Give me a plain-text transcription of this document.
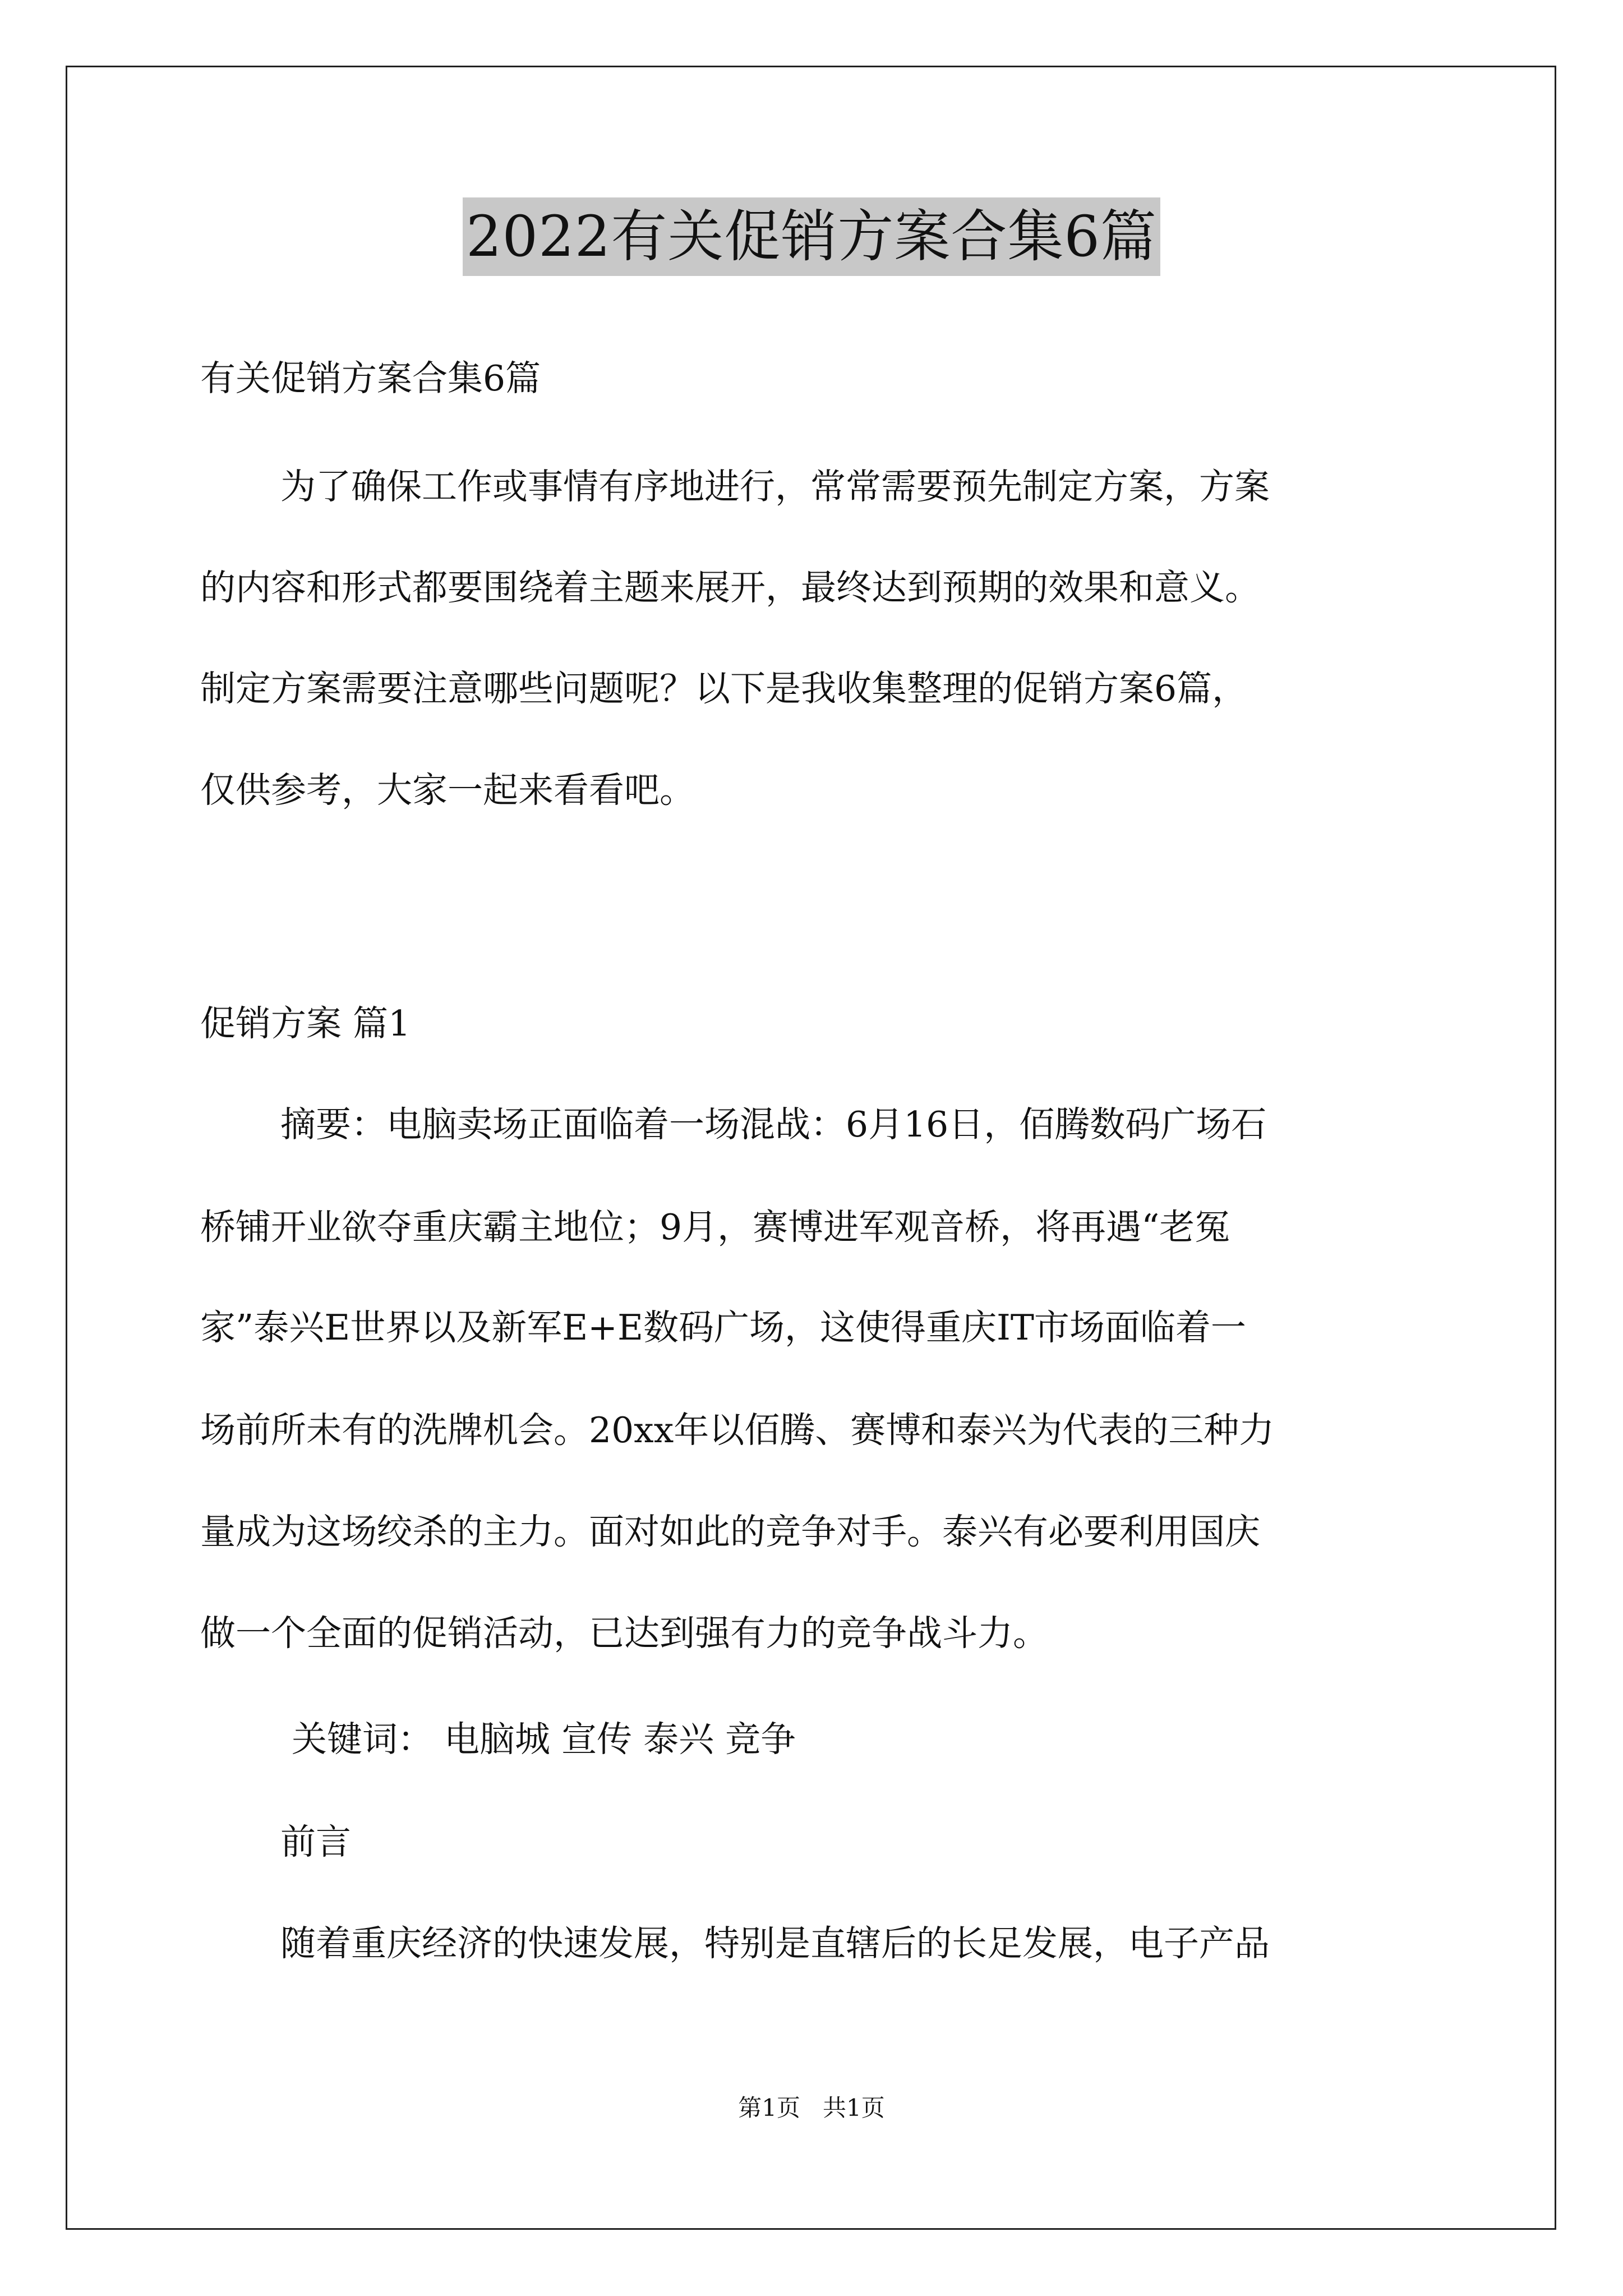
2022有关促销方案合集6篇
有关促销方案合集6篇
为了确保工作或事情有序地进行，常常需要预先制定方案，方案
的内容和形式都要围绕着主题来展开，最终达到预期的效果和意义。
制定方案需要注意哪些问题呢？以下是我收集整理的促销方案6篇，
仅供参考，大家一起来看看吧。
促销方案 篇1
摘要：电脑卖场正面临着一场混战：6月16日，佰腾数码广场石
桥铺开业欲夺重庆霸主地位；9月，赛博进军观音桥，将再遇“老冤
家”泰兴E世界以及新军E+E数码广场，这使得重庆IT市场面临着一
场前所未有的洗牌机会。20xx年以佰腾、赛博和泰兴为代表的三种力
量成为这场绞杀的主力。面对如此的竞争对手。泰兴有必要利用国庆
做一个全面的促销活动，已达到强有力的竞争战斗力。
关键词： 电脑城 宣传 泰兴 竞争
前言
随着重庆经济的快速发展，特别是直辖后的长足发展，电子产品
第1页 共1页
